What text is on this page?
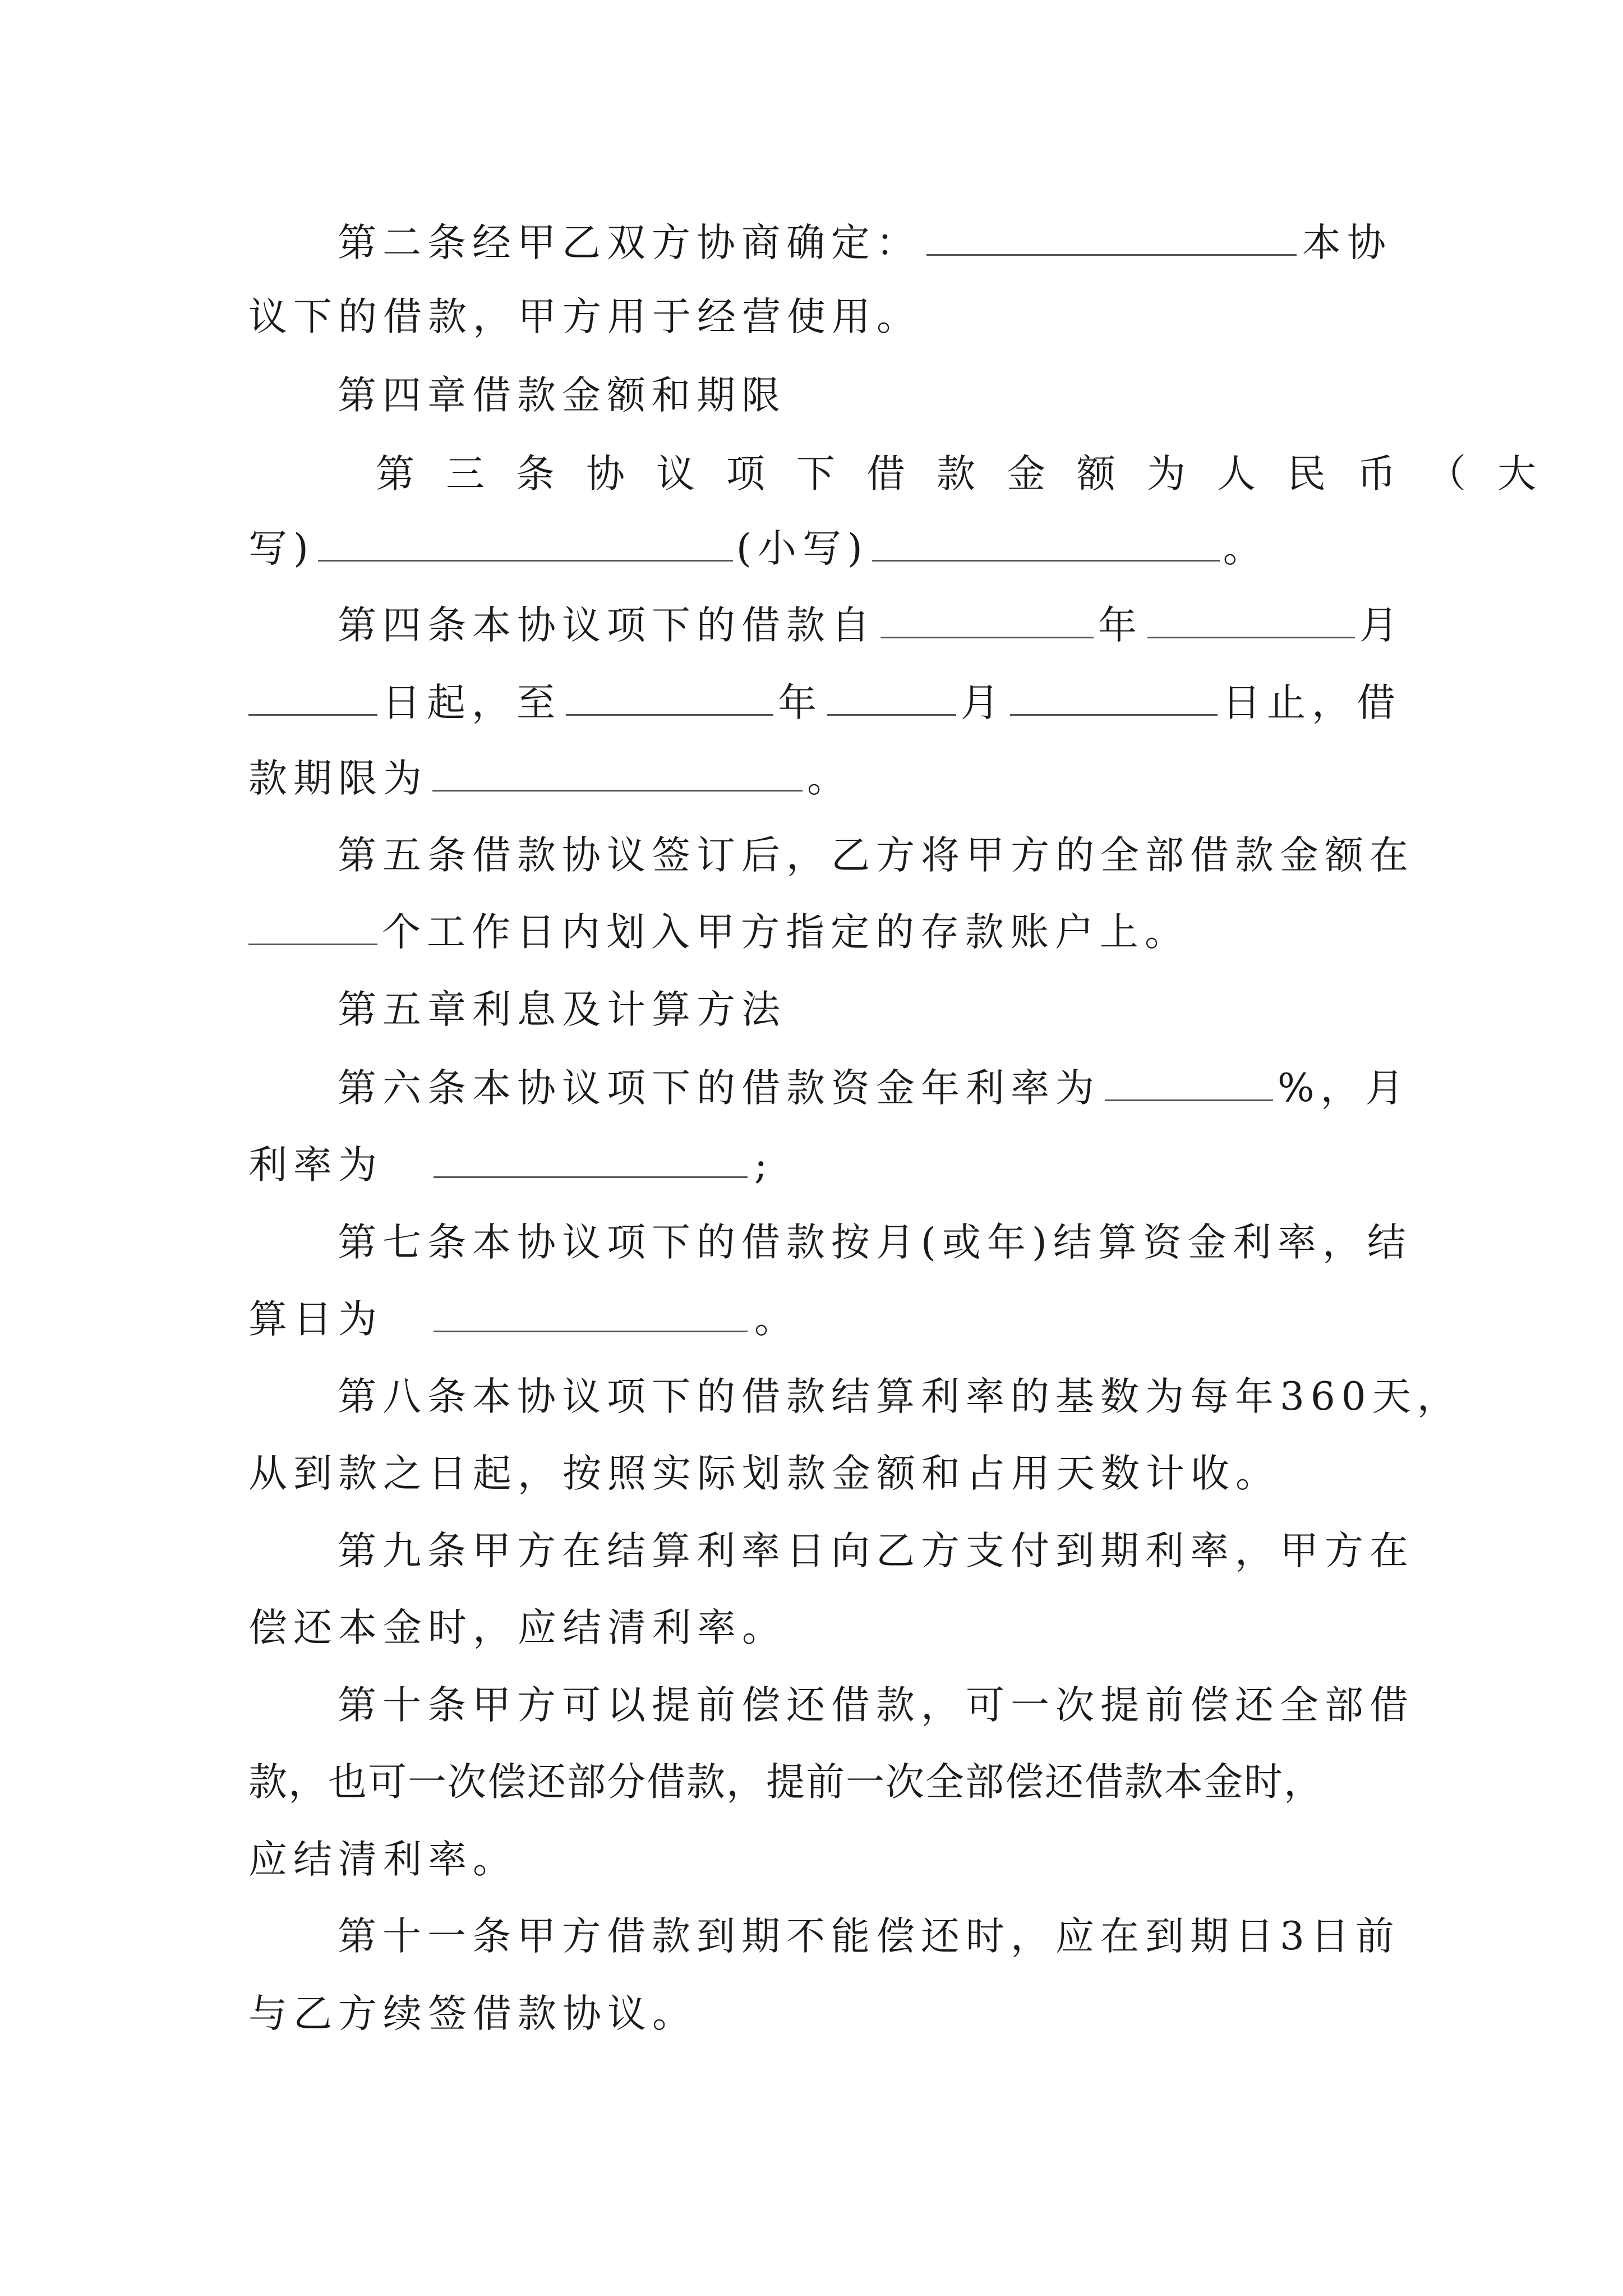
第二条经甲乙双方协商确定：	本协
议下的借款，甲方用于经营使用。
第四章借款金额和期限
第三条协议项下借款金额为人民币（大
写)	(小写)	。
第四条本协议项下的借款自	年	月
日起，至	年	月	日止，借
款期限为	。
第五条借款协议签订后，乙方将甲方的全部借款金额在
个工作日内划入甲方指定的存款账户上。
第五章利息及计算方法
第六条本协议项下的借款资金年利率为	%，月
利率为	;
第七条本协议项下的借款按月(或年)结算资金利率，结
算日为	。
第八条本协议项下的借款结算利率的基数为每年360天，
从到款之日起，按照实际划款金额和占用天数计收。
第九条甲方在结算利率日向乙方支付到期利率，甲方在
偿还本金时，应结清利率。
第十条甲方可以提前偿还借款，可一次提前偿还全部借
款，也可一次偿还部分借款，提前一次全部偿还借款本金时，
应结清利率。
第十一条甲方借款到期不能偿还时，应在到期日3日前
与乙方续签借款协议。
